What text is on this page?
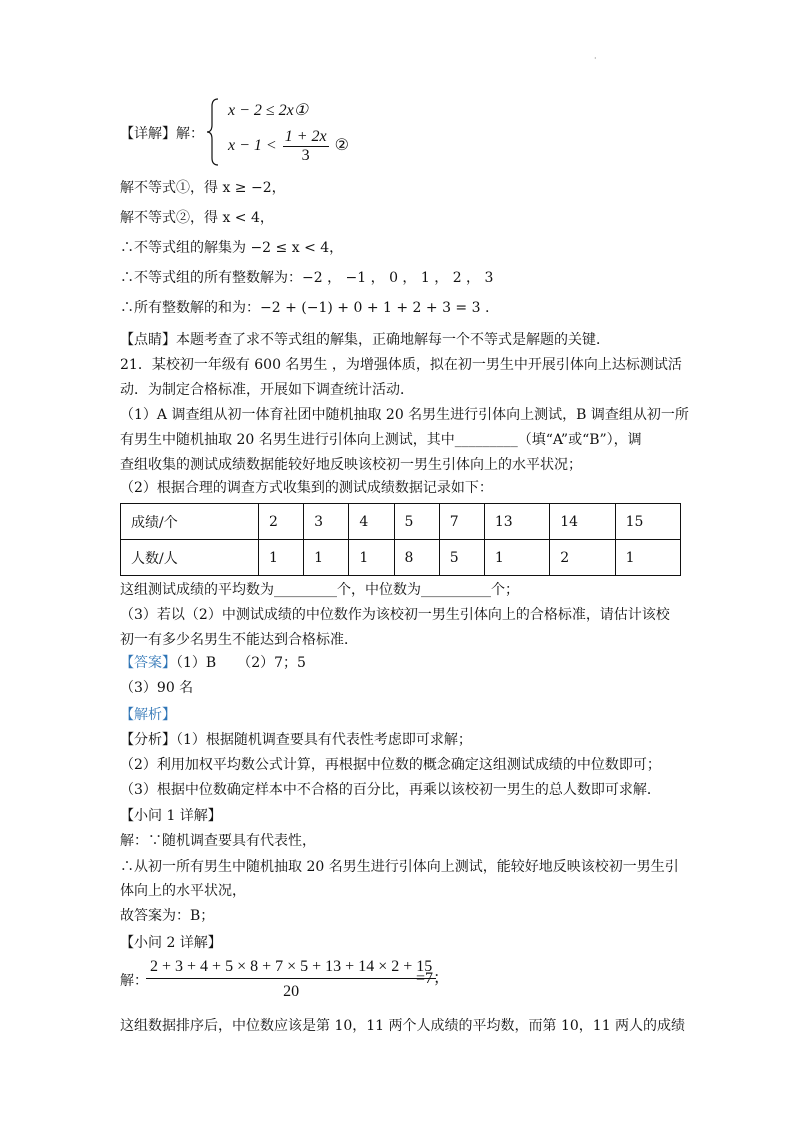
·
【详解】解：
x − 2 ≤ 2x①
$x - 1 < \frac{1 + 2x}{3}$ ②
解不等式①，得 x ≥ −2，
解不等式②，得 x < 4，
∴不等式组的解集为 −2 ≤ x < 4，
∴不等式组的所有整数解为：−2 ， −1 ， 0 ， 1 ， 2 ， 3
∴所有整数解的和为：−2 + (−1) + 0 + 1 + 2 + 3 = 3 .
【点睛】本题考查了求不等式组的解集，正确地解每一个不等式是解题的关键．
21．某校初一年级有 600 名男生 ，为增强体质，拟在初一男生中开展引体向上达标测试活
动．为制定合格标准，开展如下调查统计活动．
（1）A 调查组从初一体育社团中随机抽取 20 名男生进行引体向上测试，B 调查组从初一所
有男生中随机抽取 20 名男生进行引体向上测试，其中_________（填“A”或“B”），调
查组收集的测试成绩数据能较好地反映该校初一男生引体向上的水平状况；
（2）根据合理的调查方式收集到的测试成绩数据记录如下：
成绩/个	2	3	4	5	7	13	14	15
人数/人	1	1	1	8	5	1	2	1
这组测试成绩的平均数为_________个，中位数为__________个；
（3）若以（2）中测试成绩的中位数作为该校初一男生引体向上的合格标准，请估计该校
初一有多少名男生不能达到合格标准．
【答案】（1）B　　（2）7；5
（3）90 名
【解析】
【分析】（1）根据随机调查要具有代表性考虑即可求解；
（2）利用加权平均数公式计算，再根据中位数的概念确定这组测试成绩的中位数即可；
（3）根据中位数确定样本中不合格的百分比，再乘以该校初一男生的总人数即可求解．
【小问 1 详解】
解：∵随机调查要具有代表性，
∴从初一所有男生中随机抽取 20 名男生进行引体向上测试，能较好地反映该校初一男生引
体向上的水平状况，
故答案为：B；
【小问 2 详解】
解：
$\frac{2 + 3 + 4 + 5 \times 8 + 7 \times 5 + 13 + 14 \times 2 + 15}{20}$
=7；
这组数据排序后，中位数应该是第 10，11 两个人成绩的平均数，而第 10，11 两人的成绩
